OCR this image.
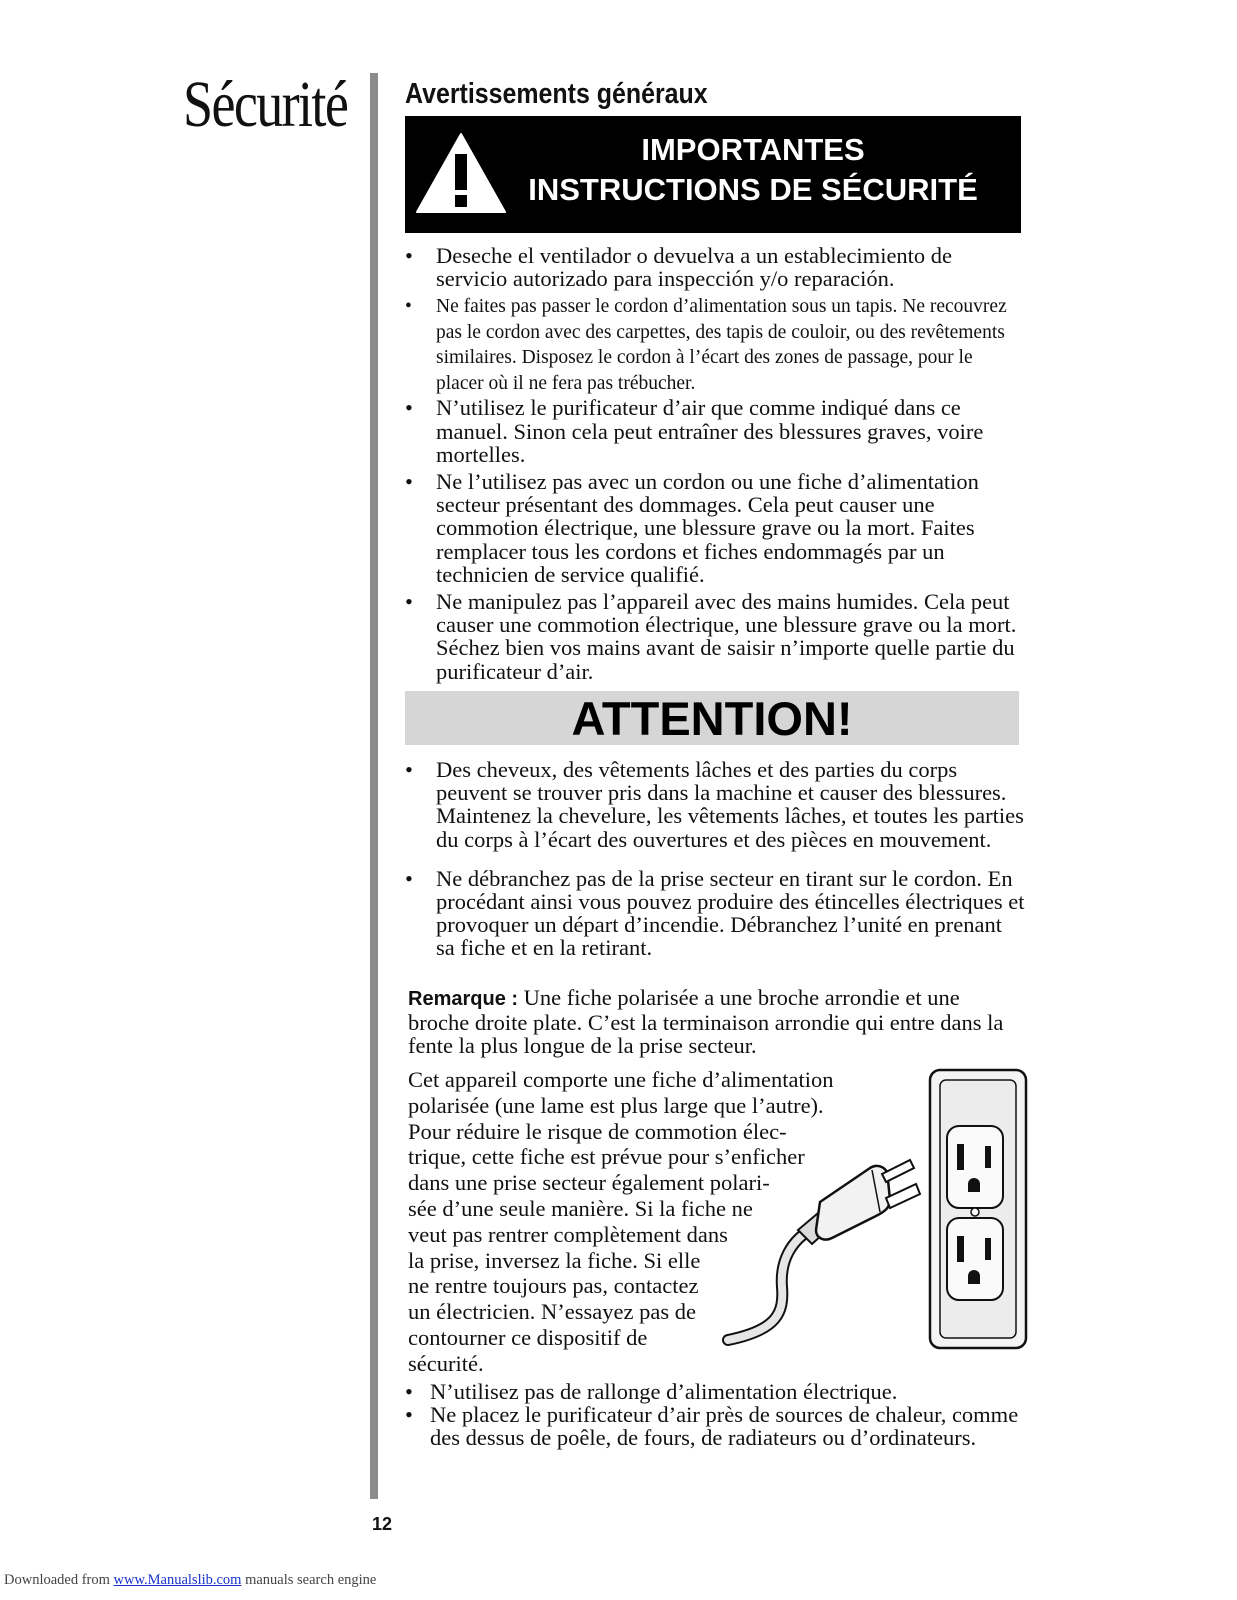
Sécurité Avertissements généraux
IMPORTANTES
INSTRUCTIONS DE SÉCURITÉ
• Deseche el ventilador o devuelva a un establecimiento de servicio autorizado para inspección y/o reparación.
• Ne faites pas passer le cordon d’alimentation sous un tapis. Ne recouvrez pas le cordon avec des carpettes, des tapis de couloir, ou des revêtements similaires. Disposez le cordon à l’écart des zones de passage, pour le placer où il ne fera pas trébucher.
• N’utilisez le purificateur d’air que comme indiqué dans ce manuel. Sinon cela peut entraîner des blessures graves, voire mortelles.
• Ne l’utilisez pas avec un cordon ou une fiche d’alimentation secteur présentant des dommages. Cela peut causer une commotion électrique, une blessure grave ou la mort. Faites remplacer tous les cordons et fiches endommagés par un technicien de service qualifié.
• Ne manipulez pas l’appareil avec des mains humides. Cela peut causer une commotion électrique, une blessure grave ou la mort. Séchez bien vos mains avant de saisir n’importe quelle partie du purificateur d’air.
ATTENTION!
• Des cheveux, des vêtements lâches et des parties du corps peuvent se trouver pris dans la machine et causer des blessures. Maintenez la chevelure, les vêtements lâches, et toutes les parties du corps à l’écart des ouvertures et des pièces en mouvement.
• Ne débranchez pas de la prise secteur en tirant sur le cordon. En procédant ainsi vous pouvez produire des étincelles électriques et provoquer un départ d’incendie. Débranchez l’unité en prenant sa fiche et en la retirant.

Remarque : Une fiche polarisée a une broche arrondie et une broche droite plate. C’est la terminaison arrondie qui entre dans la fente la plus longue de la prise secteur.

Cet appareil comporte une fiche d’alimentation
polarisée (une lame est plus large que l’autre).
Pour réduire le risque de commotion élec-
trique, cette fiche est prévue pour s’enficher
dans une prise secteur également polari-
sée d’une seule manière. Si la fiche ne
veut pas rentrer complètement dans
la prise, inversez la fiche. Si elle
ne rentre toujours pas, contactez
un électricien. N’essayez pas de
contourner ce dispositif de
sécurité.

• N’utilisez pas de rallonge d’alimentation électrique.
• Ne placez le purificateur d’air près de sources de chaleur, comme des dessus de poêle, de fours, de radiateurs ou d’ordinateurs.
12
Downloaded from www.Manualslib.com manuals search engine
